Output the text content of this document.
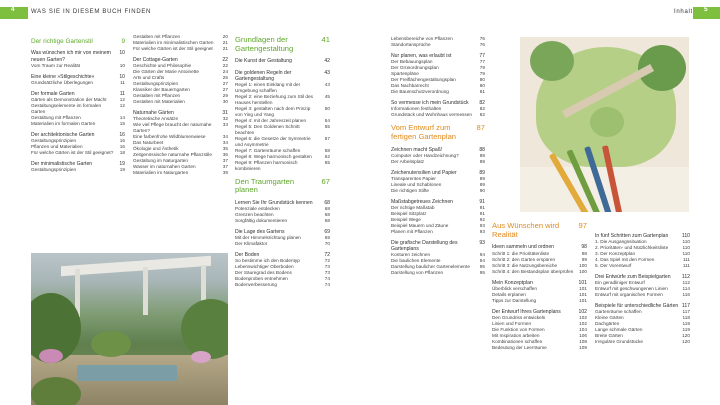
4	WAS SIE IN DIESEM BUCH FINDEN	Inhalt 5
Der richtige Gartenstil	9
Was wünschen ich mir von meinem neuen Garten?
10
Vom Traum zur Realität	10
Eine kleine »Stilgeschichte«	10
Grundsätzliche Überlegungen	11
Der formale Garten	11
Gärten als Demonstration der Macht	12
Gestaltungselemente im formalen Garten
12
Gestaltung mit Pflanzen	14
Materialien im formalen Garten	15
Der architektonische Garten	16
Gestaltungsprinzipien	16
Pflanzen und Materialien	16
Für welche Gärten ist der Stil geeignet? 18
Der minimalistische Garten	19
Gestaltungsprinzipien	19
Gestalten mit Pflanzen	20
Materialien im minimalistischen Garten 21
Für welche Gärten ist der Stil geeignet 21
Der Cottage-Garten	22
Geschichte und Philosophie	22
Die Gärten der Marie Antoinette	24
Arts und Crafts	25
Gestaltungsprinzipien	27
Klassiker der Bauerngarten	27
Gestalten mit Pflanzen	29
Gestalten mit Materialien	30
Naturnahe Gärten	31
Theoretische Ansätze	32
Wie viel Pflege braucht der naturnahe Garten?
33
Eine farbenfrohe Wildblumenwiese	34
Das Naturbeet	34
Ökologie und Ästhetik	35
Zeitgenössische naturnahe Pflanzstile 36
Gestaltung im Naturgarten	37
Wasser im naturnahen Garten	37
Materialien im Naturgarten	39
Grundlagen der Gartengestaltung
41
Die Kunst der Gestaltung	42
Die goldenen Regeln der Gartengestaltung
43
Regel 1: einen Einklang mit der Umgebung schaffen
43
Regel 2: eine Beziehung zum Stil des Hauses herstellen
45
Regel 3: gestalten nach dem Prinzip von Ying und Yang
50
Regel 4: mit der Jahreszeit planen	54
Regel 5: Den Goldenen Schnitt beachten
55
Regel 6: die Gesetze der Symmetrie und Asymmetrie
57
Regel 7: Gartenräume schaffen	58
Regel 8: Wege harmonisch gestalten	62
Regel 9: Pflanzen harmonisch kombinieren
65
Den Traumgarten planen
67
Lernen Sie Ihr Grundstück kennen 68
Potenziale entdecken	68
Grenzen beachten	68
Sorgfältig dokumentieren	68
Die Lage des Gartens	69
Mit der Himmelsrichtung planen	69
Der Klimafaktor	70
Der Boden	72
So bestimme ich den Bodentyp	72
Lebenswichtiger Oberboden	73
Der Säuregrad des Bodens	73
Bodenproben entnehmen	74
Bodenverbesserung	74
Lebensbereiche von Pflanzen	76
Standortansprüche	76
Nur planen, was erlaubt ist	77
Der Bebauungsplan	77
Der Grünordnungsplan	79
Spartenpläne	79
Der Freiflächengestaltungsplan	80
Das Nachbarrecht	80
Die Baumschutzverordnung	81
So vermesse ich mein Grundstück 82
Informationen festhalten	82
Grundstück und Wohnhaus vermessen 82
Vom Entwurf zum fertigen Gartenplan
87
Zeichnen macht Spaß!	88
Computer oder Handzeichnung?	88
Der Arbeitsplatz	89
Zeichenutensilien und Papier	89
Transparentes Papier	89
Lineale und Schablonen	89
Die richtigen Stifte	90
Maßstabgetreues Zeichnen	91
Der richtige Maßstab	91
Beispiel Sitzplatz	91
Beispiel Wege	92
Beispiel Mauern und Zäune	93
Planen mit Pflanzen	93
Die grafische Darstellung des Gartenplans
93
Konturen zeichnen	94
Die baulichen Elemente	94
Darstellung baulicher Gartenelemente 95
Darstellung von Pflanzen	95
Aus Wünschen wird Realität
97
Ideen sammeln und ordnen	98
Schritt 1: die Prioritätenliste	98
Schritt 2: den Garten erspüren	99
Schritt 3: die Nutzungsbereiche	100
Schritt 4: den Bestandsplan überprüfen 100
Mein Konzeptplan	101
Überblick verschaffen	101
Details erplanen	101
Tipps zur Darstellung	101
Der Entwurf Ihres Gartenplans	102
Den Grundriss entwickeln	102
Linien und Formen	102
Die Funktion von Formen	104
Mit Inspiration arbeiten	106
Kombinationen schaffen	108
Bedeutung der Leerräume	109
In fünf Schritten zum Gartenplan	110
1. Die Ausgangssituation	110
2. Prioritäten- und Nützlichkeitsliste	110
3. Der Konzeptplan	110
4. Das Spiel mit den Formen	111
5. Der Vorentwurf	111
Drei Entwürfe zum Beispielgarten 112
Ein geradliniger Entwurf	112
Entwurf mit geschwungenen Linien	114
Entwurf mit organischen Formen	116
Beispiele für unterschiedliche Gärten 117
Gartenräume schaffen	117
Kleine Gärten	118
Dachgärten	119
Lange schmale Gärten	119
Breite Gärten	120
Irreguläre Grundstücke	120
